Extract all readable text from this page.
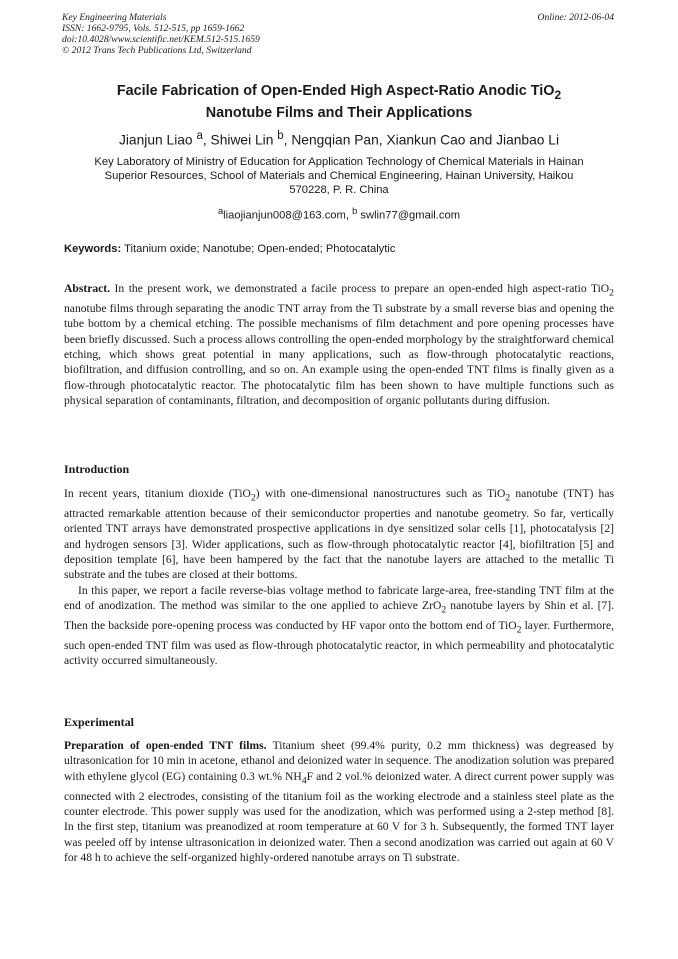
Key Engineering Materials
ISSN: 1662-9795, Vols. 512-515, pp 1659-1662
doi:10.4028/www.scientific.net/KEM.512-515.1659
© 2012 Trans Tech Publications Ltd, Switzerland
Online: 2012-06-04
Facile Fabrication of Open-Ended High Aspect-Ratio Anodic TiO$_2$
Nanotube Films and Their Applications
Jianjun Liao $^a$, Shiwei Lin $^b$, Nengqian Pan, Xiankun Cao and Jianbao Li
Key Laboratory of Ministry of Education for Application Technology of Chemical Materials in Hainan
Superior Resources, School of Materials and Chemical Engineering, Hainan University, Haikou
570228, P. R. China
$^a$liaojianjun008@163.com, $^b$ swlin77@gmail.com
Keywords: Titanium oxide; Nanotube; Open-ended; Photocatalytic

Abstract. In the present work, we demonstrated a facile process to prepare an open-ended high aspect-ratio TiO$_2$ nanotube films through separating the anodic TNT array from the Ti substrate by a small reverse bias and opening the tube bottom by a chemical etching. The possible mechanisms of film detachment and pore opening processes have been briefly discussed. Such a process allows controlling the open-ended morphology by the straightforward chemical etching, which shows great potential in many applications, such as flow-through photocatalytic reactions, biofiltration, and diffusion controlling, and so on. An example using the open-ended TNT films is finally given as a flow-through photocatalytic reactor. The photocatalytic film has been shown to have multiple functions such as physical separation of contaminants, filtration, and decomposition of organic pollutants during diffusion.

Introduction

In recent years, titanium dioxide (TiO$_2$) with one-dimensional nanostructures such as TiO$_2$ nanotube (TNT) has attracted remarkable attention because of their semiconductor properties and nanotube geometry. So far, vertically oriented TNT arrays have demonstrated prospective applications in dye sensitized solar cells [1], photocatalysis [2] and hydrogen sensors [3]. Wider applications, such as flow-through photocatalytic reactor [4], biofiltration [5] and deposition template [6], have been hampered by the fact that the nanotube layers are attached to the metallic Ti substrate and the tubes are closed at their bottoms.

In this paper, we report a facile reverse-bias voltage method to fabricate large-area, free-standing TNT film at the end of anodization. The method was similar to the one applied to achieve ZrO$_2$ nanotube layers by Shin et al. [7]. Then the backside pore-opening process was conducted by HF vapor onto the bottom end of TiO$_2$ layer. Furthermore, such open-ended TNT film was used as flow-through photocatalytic reactor, in which permeability and photocatalytic activity occurred simultaneously.

Experimental

Preparation of open-ended TNT films. Titanium sheet (99.4% purity, 0.2 mm thickness) was degreased by ultrasonication for 10 min in acetone, ethanol and deionized water in sequence. The anodization solution was prepared with ethylene glycol (EG) containing 0.3 wt.% $NH_4F$ and 2 vol.% deionized water. A direct current power supply was connected with 2 electrodes, consisting of the titanium foil as the working electrode and a stainless steel plate as the counter electrode. This power supply was used for the anodization, which was performed using a 2-step method [8]. In the first step, titanium was preanodized at room temperature at 60 V for 3 h. Subsequently, the formed TNT layer was peeled off by intense ultrasonication in deionized water. Then a second anodization was carried out again at 60 V for 48 h to achieve the self-organized highly-ordered nanotube arrays on Ti substrate.
